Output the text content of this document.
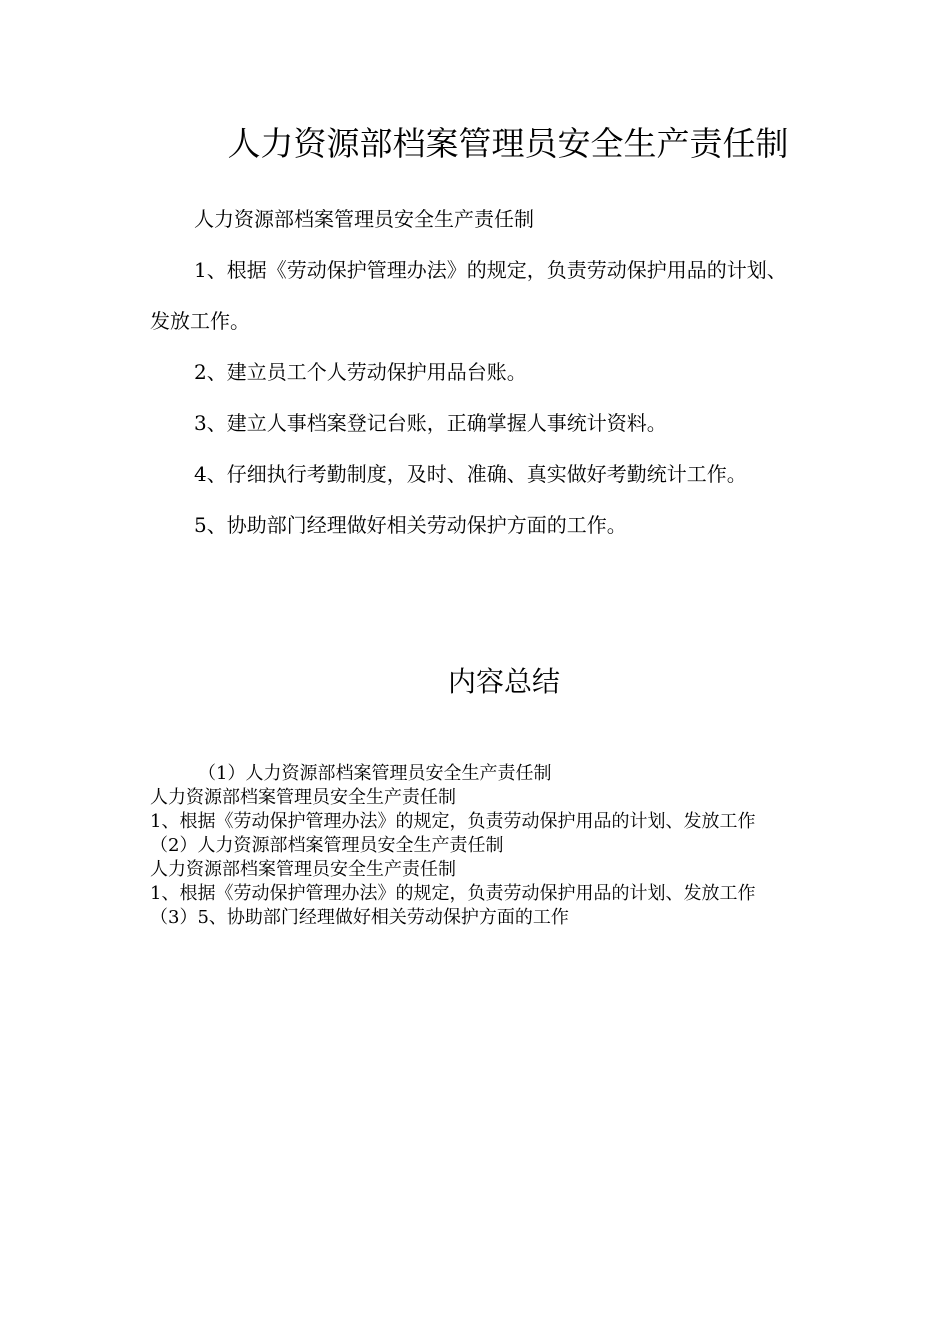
人力资源部档案管理员安全生产责任制

人力资源部档案管理员安全生产责任制

1、根据《劳动保护管理办法》的规定，负责劳动保护用品的计划、发放工作。

2、建立员工个人劳动保护用品台账。

3、建立人事档案登记台账，正确掌握人事统计资料。

4、仔细执行考勤制度，及时、准确、真实做好考勤统计工作。

5、协助部门经理做好相关劳动保护方面的工作。

内容总结

（1）人力资源部档案管理员安全生产责任制

人力资源部档案管理员安全生产责任制

1、根据《劳动保护管理办法》的规定，负责劳动保护用品的计划、发放工作

（2）人力资源部档案管理员安全生产责任制

人力资源部档案管理员安全生产责任制

1、根据《劳动保护管理办法》的规定，负责劳动保护用品的计划、发放工作

（3）5、协助部门经理做好相关劳动保护方面的工作
